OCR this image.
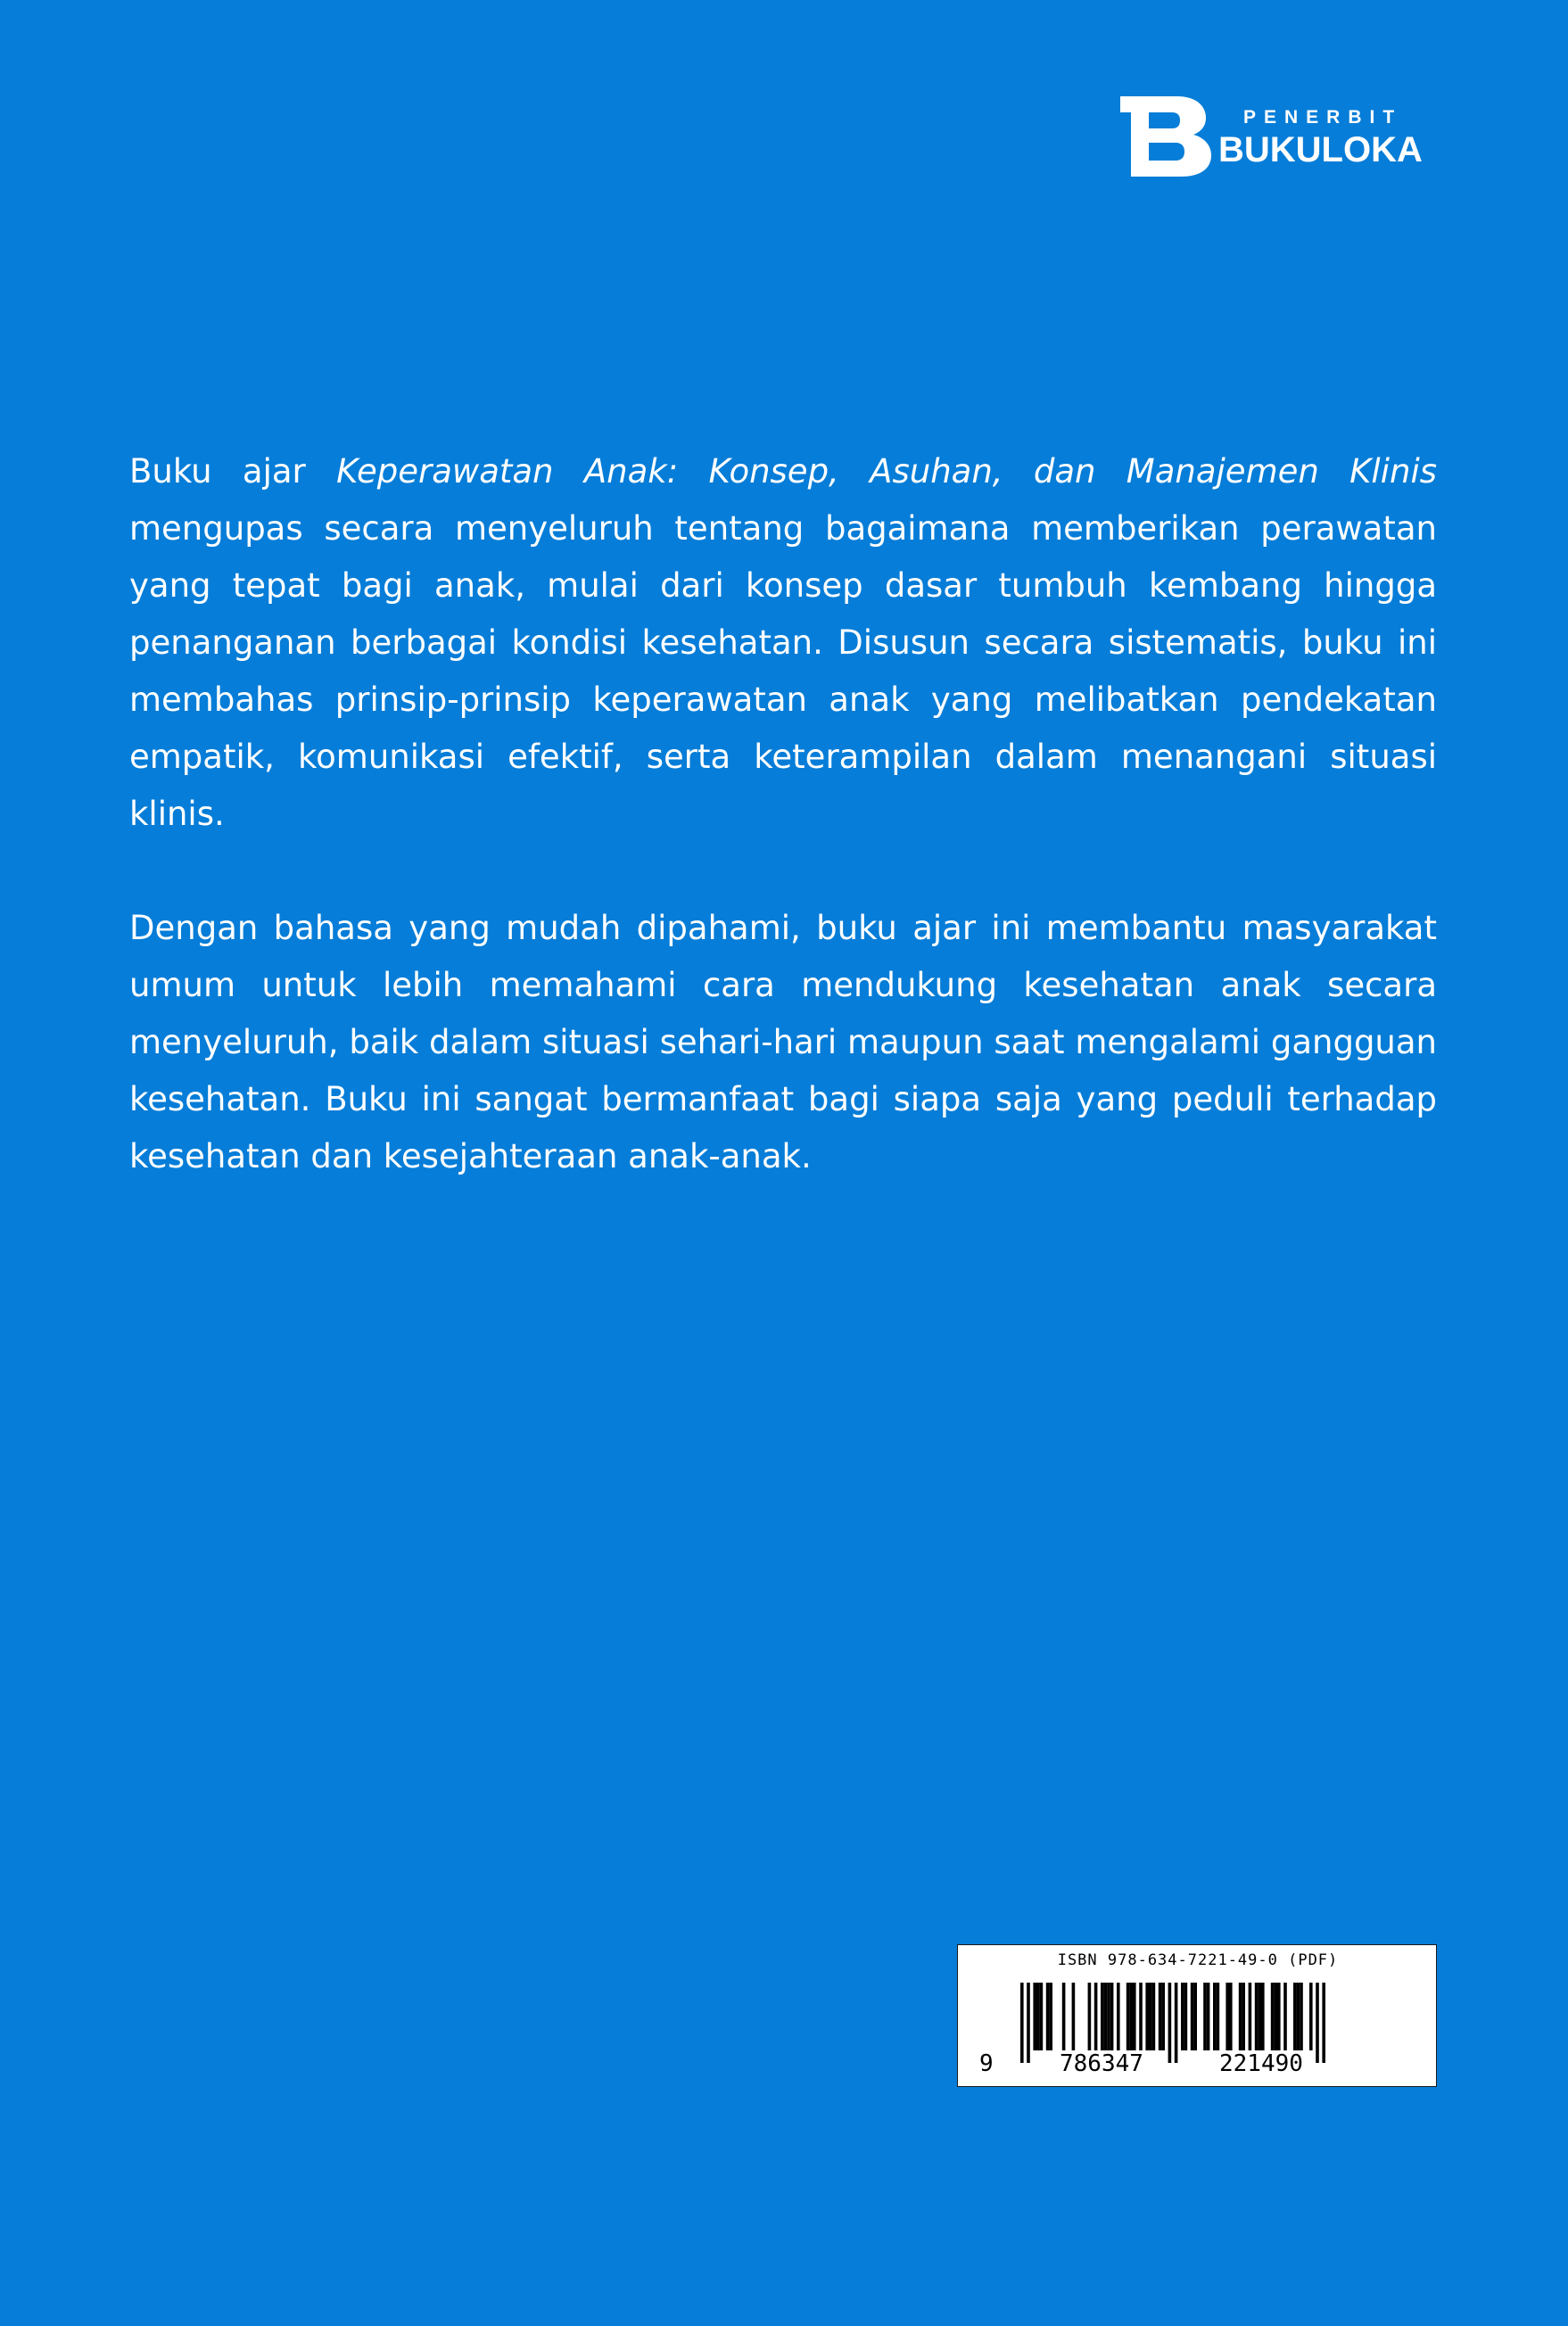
PENERBIT
BUKULOKA

Buku ajar Keperawatan Anak: Konsep, Asuhan, dan Manajemen Klinis mengupas secara menyeluruh tentang bagaimana memberikan perawatan yang tepat bagi anak, mulai dari konsep dasar tumbuh kembang hingga penanganan berbagai kondisi kesehatan. Disusun secara sistematis, buku ini membahas prinsip-prinsip keperawatan anak yang melibatkan pendekatan empatik, komunikasi efektif, serta keterampilan dalam menangani situasi klinis.

Dengan bahasa yang mudah dipahami, buku ajar ini membantu masyarakat umum untuk lebih memahami cara mendukung kesehatan anak secara menyeluruh, baik dalam situasi sehari-hari maupun saat mengalami gangguan kesehatan. Buku ini sangat bermanfaat bagi siapa saja yang peduli terhadap kesehatan dan kesejahteraan anak-anak.

ISBN 978-634-7221-49-0 (PDF)
9	786347	221490
